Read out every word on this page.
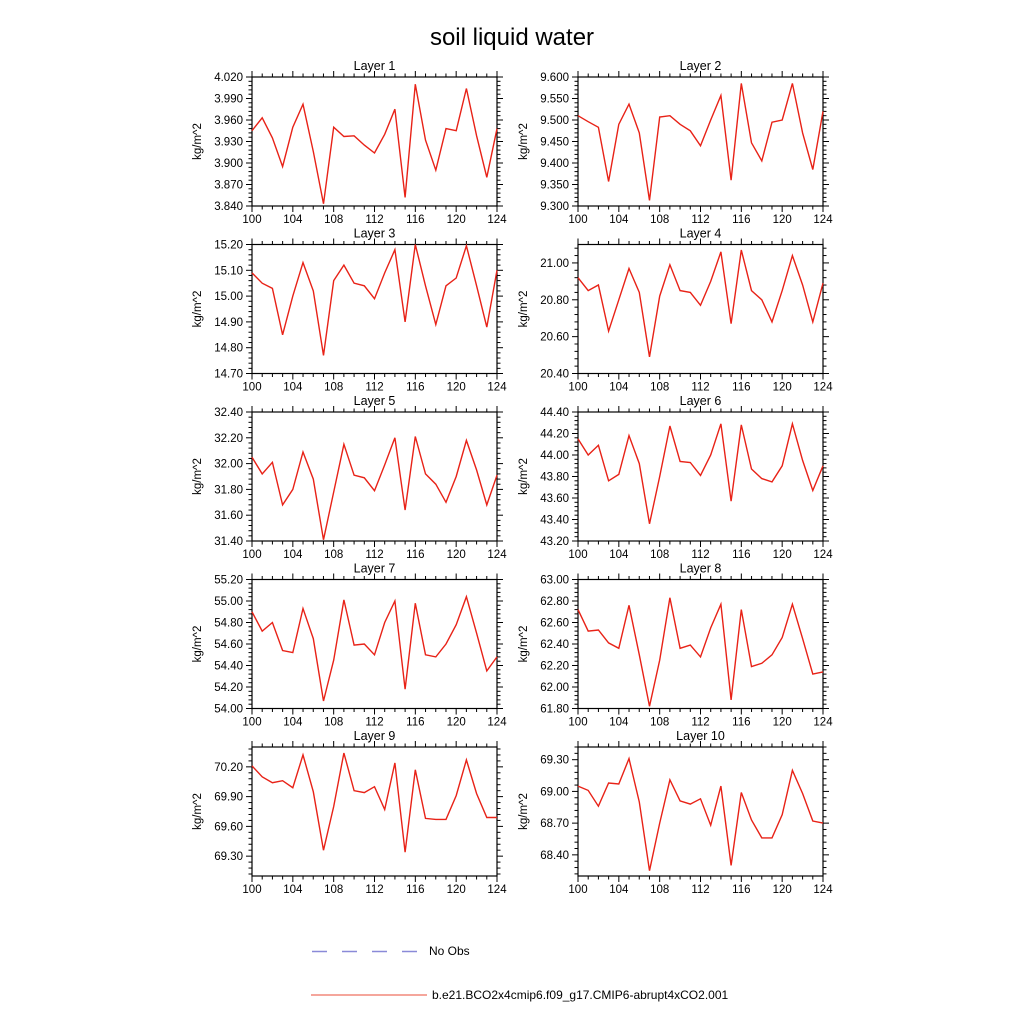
soil liquid water
100 104 108 112 116 120 124
3.840
3.870
3.900
3.930
3.960
3.990
4.020
Layer 1
kg/m^2
100 104 108 112 116 120 124
9.300
9.350
9.400
9.450
9.500
9.550
9.600
Layer 2
kg/m^2
100 104 108 112 116 120 124
14.70
14.80
14.90
15.00
15.10
15.20
Layer 3
kg/m^2
100 104 108 112 116 120 124
20.40
20.60
20.80
21.00
Layer 4
kg/m^2
100 104 108 112 116 120 124
31.40
31.60
31.80
32.00
32.20
32.40
Layer 5
kg/m^2
100 104 108 112 116 120 124
43.20
43.40
43.60
43.80
44.00
44.20
44.40
Layer 6
kg/m^2
100 104 108 112 116 120 124
54.00
54.20
54.40
54.60
54.80
55.00
55.20
Layer 7
kg/m^2
100 104 108 112 116 120 124
61.80
62.00
62.20
62.40
62.60
62.80
63.00
Layer 8
kg/m^2
100 104 108 112 116 120 124
69.30
69.60
69.90
70.20
Layer 9
kg/m^2
100 104 108 112 116 120 124
68.40
68.70
69.00
69.30
Layer 10
kg/m^2
No Obs
b.e21.BCO2x4cmip6.f09_g17.CMIP6-abrupt4xCO2.001
